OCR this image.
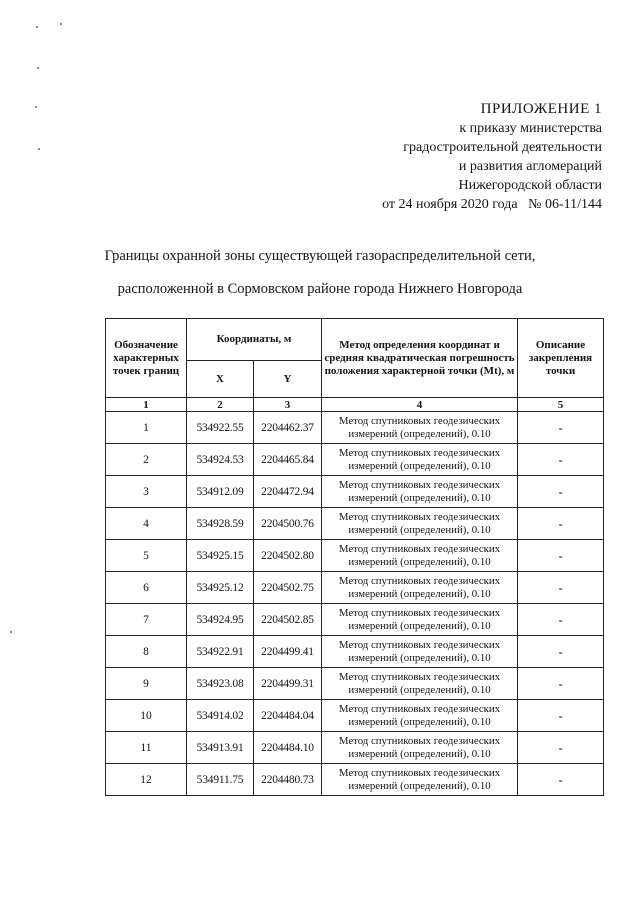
ПРИЛОЖЕНИЕ 1
к приказу министерства
градостроительной деятельности
и развития агломераций
Нижегородской области
от 24 ноября 2020 года   № 06-11/144
Границы охранной зоны существующей газораспределительной сети,
расположенной в Сормовском районе города Нижнего Новгорода
Обозначение характерных точек границ	Координаты, м		Метод определения координат и средняя квадратическая погрешность положения характерной точки (Mt), м	Описание закрепления точки
	X	Y		
1	2	3	4	5
1	534922.55	2204462.37	Метод спутниковых геодезических измерений (определений), 0.10	-
2	534924.53	2204465.84	Метод спутниковых геодезических измерений (определений), 0.10	-
3	534912.09	2204472.94	Метод спутниковых геодезических измерений (определений), 0.10	-
4	534928.59	2204500.76	Метод спутниковых геодезических измерений (определений), 0.10	-
5	534925.15	2204502.80	Метод спутниковых геодезических измерений (определений), 0.10	-
6	534925.12	2204502.75	Метод спутниковых геодезических измерений (определений), 0.10	-
7	534924.95	2204502.85	Метод спутниковых геодезических измерений (определений), 0.10	-
8	534922.91	2204499.41	Метод спутниковых геодезических измерений (определений), 0.10	-
9	534923.08	2204499.31	Метод спутниковых геодезических измерений (определений), 0.10	-
10	534914.02	2204484.04	Метод спутниковых геодезических измерений (определений), 0.10	-
11	534913.91	2204484.10	Метод спутниковых геодезических измерений (определений), 0.10	-
12	534911.75	2204480.73	Метод спутниковых геодезических измерений (определений), 0.10	-
